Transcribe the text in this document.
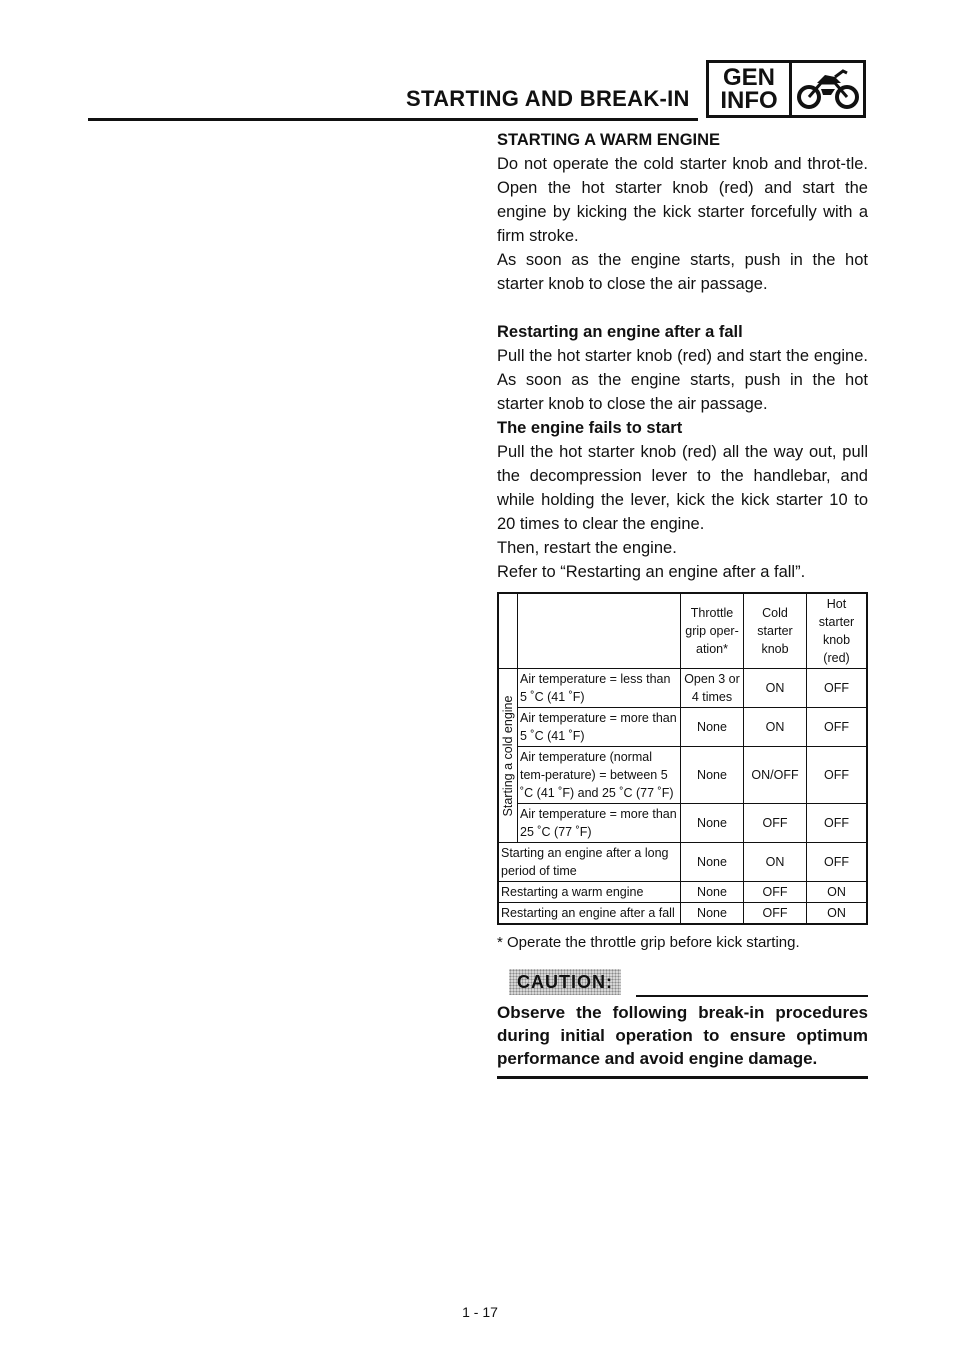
STARTING AND BREAK-IN
GEN
INFO

STARTING A WARM ENGINE

Do not operate the cold starter knob and throt-tle. Open the hot starter knob (red) and start the engine by kicking the kick starter forcefully with a firm stroke.

As soon as the engine starts, push in the hot starter knob to close the air passage.

Restarting an engine after a fall

Pull the hot starter knob (red) and start the engine. As soon as the engine starts, push in the hot starter knob to close the air passage.

The engine fails to start

Pull the hot starter knob (red) all the way out, pull the decompression lever to the handlebar, and while holding the lever, kick the kick starter 10 to 20 times to clear the engine.

Then, restart the engine.

Refer to “Restarting an engine after a fall”.

		Throttle grip oper-ation*	Cold starter knob	Hot starter knob (red)

Starting a cold engine	Air temperature = less than 5 ˚C (41 ˚F)	Open 3 or 4 times	ON	OFF
	Air temperature = more than 5 ˚C (41 ˚F)	None	ON	OFF
	Air temperature (normal tem-perature) = between 5 ˚C (41 ˚F) and 25 ˚C (77 ˚F)	None	ON/OFF	OFF
	Air temperature = more than 25 ˚C (77 ˚F)	None	OFF	OFF
Starting an engine after a long period of time		None	ON	OFF
Restarting a warm engine		None	OFF	ON
Restarting an engine after a fall		None	OFF	ON
* Operate the throttle grip before kick starting.
CAUTION:
Observe the following break-in procedures during initial operation to ensure optimum performance and avoid engine damage.
1 - 17
